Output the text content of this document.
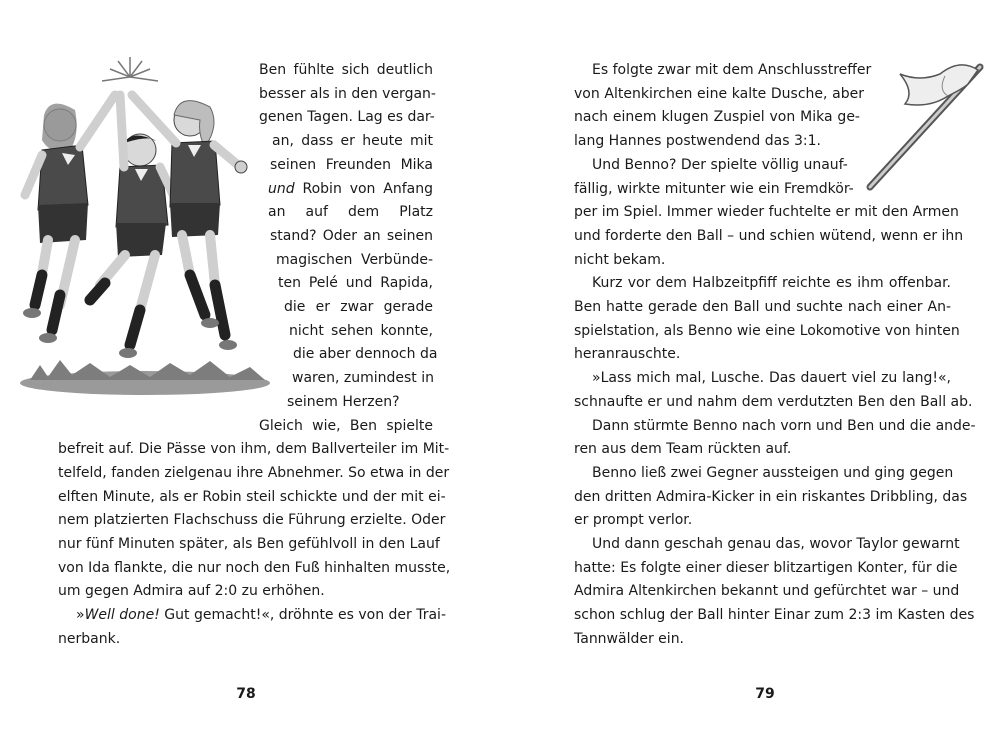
Ben fühlte sich deutlich
besser als in den vergan-
genen Tagen. Lag es dar-
an, dass er heute mit
seinen Freunden Mika
und Robin von Anfang
an auf dem Platz
stand? Oder an seinen
magischen Verbünde-
ten Pelé und Rapida,
die er zwar gerade
nicht sehen konnte,
die aber dennoch da
waren, zumindest in
seinem Herzen?
Gleich wie, Ben spielte
befreit auf. Die Pässe von ihm, dem Ballverteiler im Mit-
telfeld, fanden zielgenau ihre Abnehmer. So etwa in der
elften Minute, als er Robin steil schickte und der mit ei-
nem platzierten Flachschuss die Führung erzielte. Oder
nur fünf Minuten später, als Ben gefühlvoll in den Lauf
von Ida flankte, die nur noch den Fuß hinhalten musste,
um gegen Admira auf 2:0 zu erhöhen.
»Well done! Gut gemacht!«, dröhnte es von der Trai-
nerbank.
78
Es folgte zwar mit dem Anschlusstreffer
von Altenkirchen eine kalte Dusche, aber
nach einem klugen Zuspiel von Mika ge-
lang Hannes postwendend das 3:1.
Und Benno? Der spielte völlig unauf-
fällig, wirkte mitunter wie ein Fremdkör-
per im Spiel. Immer wieder fuchtelte er mit den Armen
und forderte den Ball – und schien wütend, wenn er ihn
nicht bekam.
Kurz vor dem Halbzeitpfiff reichte es ihm offenbar.
Ben hatte gerade den Ball und suchte nach einer An-
spielstation, als Benno wie eine Lokomotive von hinten
heranrauschte.
»Lass mich mal, Lusche. Das dauert viel zu lang!«,
schnaufte er und nahm dem verdutzten Ben den Ball ab.
Dann stürmte Benno nach vorn und Ben und die ande-
ren aus dem Team rückten auf.
Benno ließ zwei Gegner aussteigen und ging gegen
den dritten Admira-Kicker in ein riskantes Dribbling, das
er prompt verlor.
Und dann geschah genau das, wovor Taylor gewarnt
hatte: Es folgte einer dieser blitzartigen Konter, für die
Admira Altenkirchen bekannt und gefürchtet war – und
schon schlug der Ball hinter Einar zum 2:3 im Kasten des
Tannwälder ein.
79
